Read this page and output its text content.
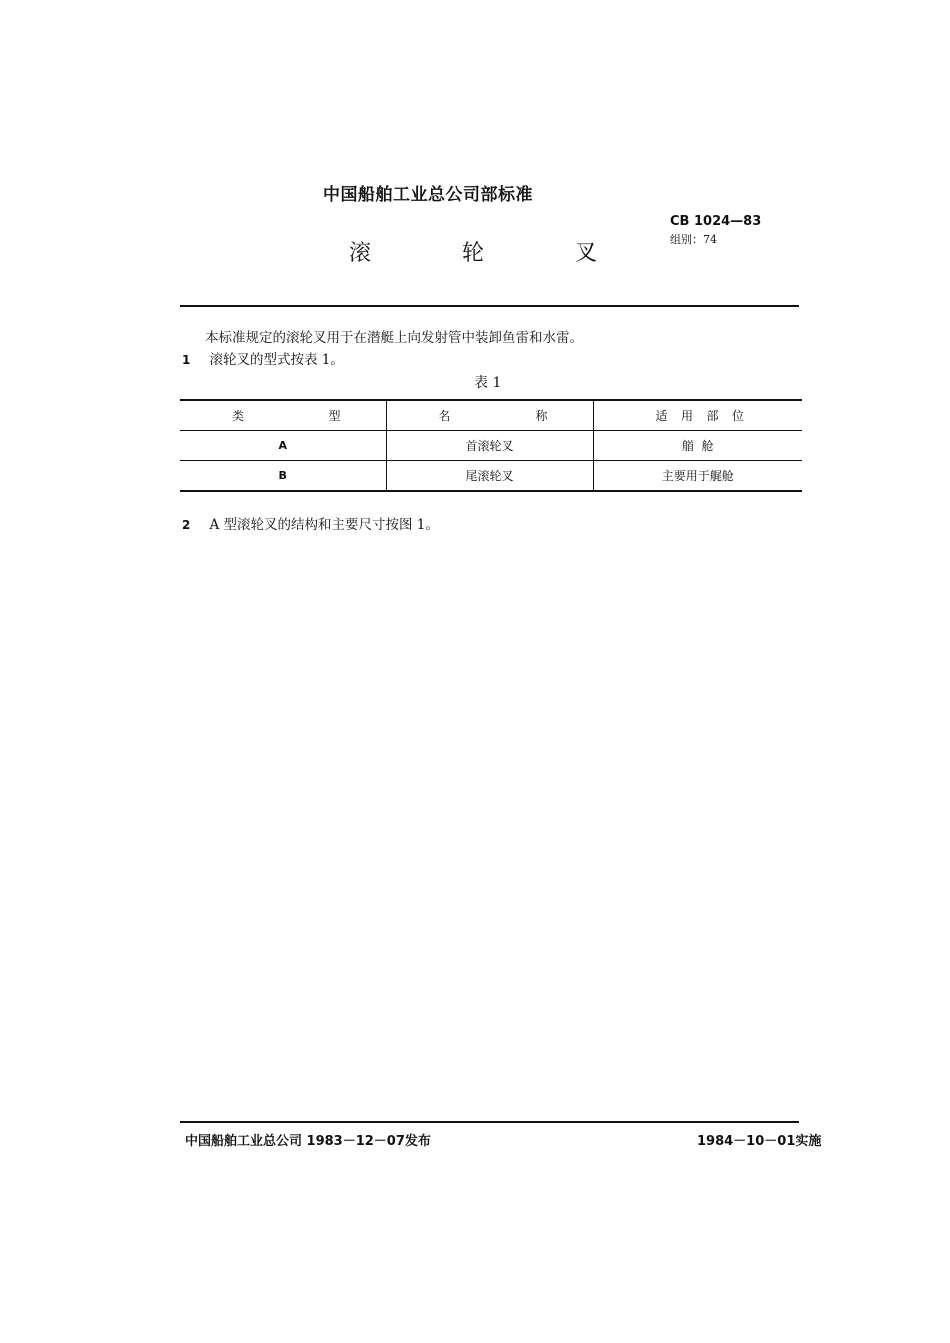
中国船舶工业总公司部标准
CB 1024—83
组别：74
滚 轮 叉
本标准规定的滚轮叉用于在潜艇上向发射管中装卸鱼雷和水雷。
1 滚轮叉的型式按表 1。
表 1
类 型	名 称	适 用 部 位

A	首滚轮叉	艏  舱
B	尾滚轮叉	主要用于艉舱
2 A 型滚轮叉的结构和主要尺寸按图 1。
中国船舶工业总公司 1983－12－07发布	1984－10－01实施
